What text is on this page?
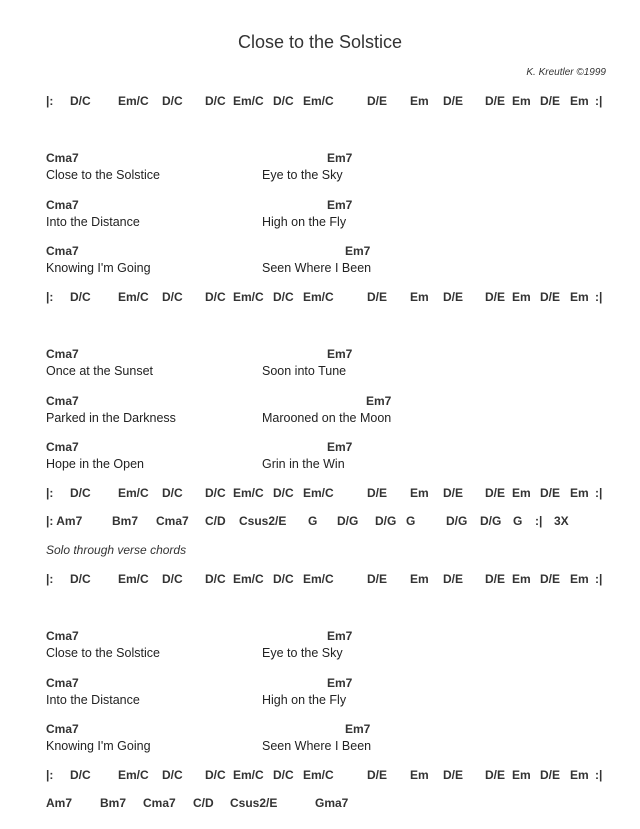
Close to the Solstice
K. Kreutler ©1999
|: D/C Em/C D/C D/C Em/C D/C Em/C	D/E Em D/E D/E Em D/E Em :|
Cma7	Em7
Close to the Solstice	Eye to the Sky
Cma7	Em7
Into the Distance	High on the Fly
Cma7	Em7
Knowing I'm Going	Seen Where I Been
|: D/C Em/C D/C D/C Em/C D/C Em/C	D/E Em D/E D/E Em D/E Em :|
Cma7	Em7
Once at the Sunset	Soon into Tune
Cma7	Em7
Parked in the Darkness	Marooned on the Moon
Cma7	Em7
Hope in the Open	Grin in the Win
|: D/C Em/C D/C D/C Em/C D/C Em/C	D/E Em D/E D/E Em D/E Em :|
|: Am7 Bm7 Cma7 C/D Csus2/E G D/G D/G G	D/G D/G G :| 3X
Solo through verse chords
|: D/C Em/C D/C D/C Em/C D/C Em/C	D/E Em D/E D/E Em D/E Em :|
Cma7	Em7
Close to the Solstice	Eye to the Sky
Cma7	Em7
Into the Distance	High on the Fly
Cma7	Em7
Knowing I'm Going	Seen Where I Been
|: D/C Em/C D/C D/C Em/C D/C Em/C	D/E Em D/E D/E Em D/E Em :|
Am7 Bm7 Cma7 C/D Csus2/E	Gma7
